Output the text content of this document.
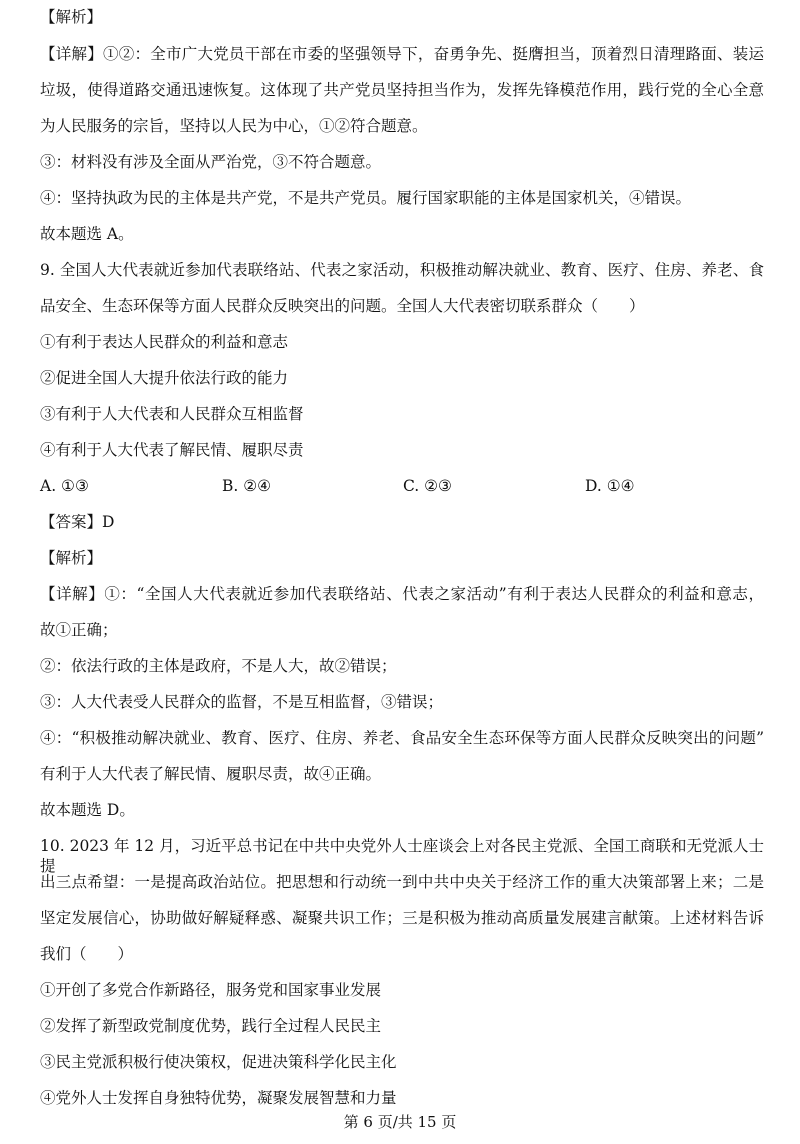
【解析】
【详解】①②：全市广大党员干部在市委的坚强领导下，奋勇争先、挺膺担当，顶着烈日清理路面、装运
垃圾，使得道路交通迅速恢复。这体现了共产党员坚持担当作为，发挥先锋模范作用，践行党的全心全意
为人民服务的宗旨，坚持以人民为中心，①②符合题意。
③：材料没有涉及全面从严治党，③不符合题意。
④：坚持执政为民的主体是共产党，不是共产党员。履行国家职能的主体是国家机关，④错误。
故本题选 A。
9. 全国人大代表就近参加代表联络站、代表之家活动，积极推动解决就业、教育、医疗、住房、养老、食
品安全、生态环保等方面人民群众反映突出的问题。全国人大代表密切联系群众（　　）
①有利于表达人民群众的利益和意志
②促进全国人大提升依法行政的能力
③有利于人大代表和人民群众互相监督
④有利于人大代表了解民情、履职尽责
A. ①③	B. ②④	C. ②③	D. ①④
【答案】D
【解析】
【详解】①：“全国人大代表就近参加代表联络站、代表之家活动”有利于表达人民群众的利益和意志，
故①正确；
②：依法行政的主体是政府，不是人大，故②错误；
③：人大代表受人民群众的监督，不是互相监督，③错误；
④：“积极推动解决就业、教育、医疗、住房、养老、食品安全生态环保等方面人民群众反映突出的问题”
有利于人大代表了解民情、履职尽责，故④正确。
故本题选 D。
10. 2023 年 12 月，习近平总书记在中共中央党外人士座谈会上对各民主党派、全国工商联和无党派人士提
出三点希望：一是提高政治站位。把思想和行动统一到中共中央关于经济工作的重大决策部署上来；二是
坚定发展信心，协助做好解疑释惑、凝聚共识工作；三是积极为推动高质量发展建言献策。上述材料告诉
我们（　　）
①开创了多党合作新路径，服务党和国家事业发展
②发挥了新型政党制度优势，践行全过程人民民主
③民主党派积极行使决策权，促进决策科学化民主化
④党外人士发挥自身独特优势，凝聚发展智慧和力量
第 6 页/共 15 页
